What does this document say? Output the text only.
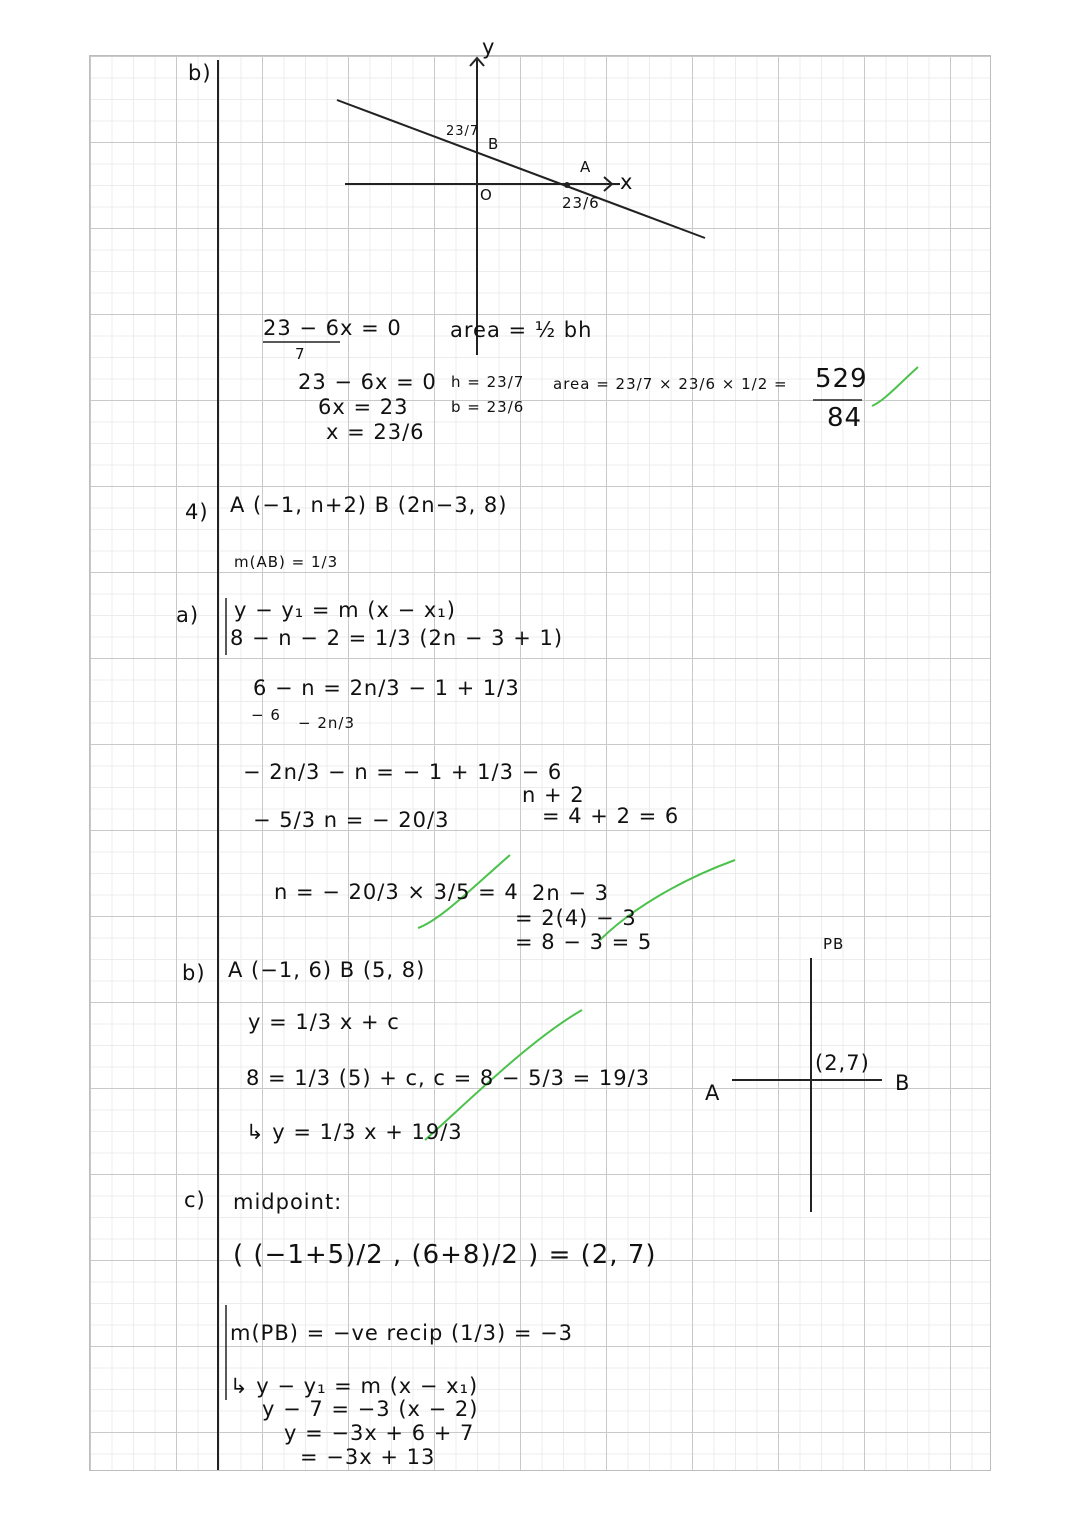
b)
4)
a)
b)
c)
y
x
O
B
A
23/7
23/6
23 − 6x = 0
7
23 − 6x = 0
6x = 23
x = 23/6
area = ½ bh
h = 23/7
b = 23/6
area = 23/7 × 23/6 × 1/2 = 529
84
A (−1, n+2) B (2n−3, 8)
m(AB) = 1/3
y − y₁ = m (x − x₁)
8 − n − 2 = 1/3 (2n − 3 + 1)
6 − n = 2n/3 − 1 + 1/3
− 6 − 2n/3
− 2n/3 − n = − 1 + 1/3 − 6
− 5/3 n = − 20/3
n = − 20/3 × 3/5 = 4
n + 2
= 4 + 2 = 6
2n − 3
= 2(4) − 3
= 8 − 3 = 5
A (−1, 6) B (5, 8)
y = 1/3 x + c
8 = 1/3 (5) + c, c = 8 − 5/3 = 19/3
↳ y = 1/3 x + 19/3
midpoint:
( (−1+5)/2 , (6+8)/2 ) = (2, 7)
m(PB) = −ve recip (1/3) = −3
↳ y − y₁ = m (x − x₁)
y − 7 = −3 (x − 2)
y = −3x + 6 + 7
= −3x + 13
PB
(2,7)
A	B
